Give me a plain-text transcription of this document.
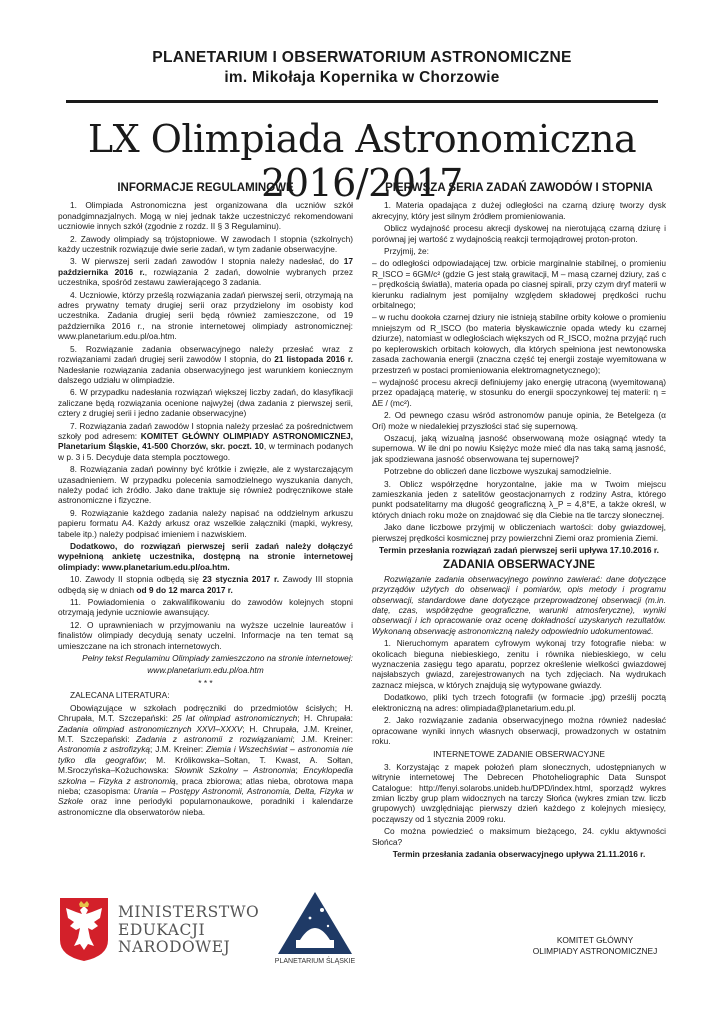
PLANETARIUM I OBSERWATORIUM ASTRONOMICZNE
im. Mikołaja Kopernika w Chorzowie
LX Olimpiada Astronomiczna 2016/2017
INFORMACJE REGULAMINOWE

1. Olimpiada Astronomiczna jest organizowana dla uczniów szkół ponadgimnazjalnych. Mogą w niej jednak także uczestniczyć rekomendowani uczniowie innych szkół (zgodnie z rozdz. II § 3 Regulaminu).

2. Zawody olimpiady są trójstopniowe. W zawodach I stopnia (szkolnych) każdy uczestnik rozwiązuje dwie serie zadań, w tym zadanie obserwacyjne.

3. W pierwszej serii zadań zawodów I stopnia należy nadesłać, do 17 października 2016 r., rozwiązania 2 zadań, dowolnie wybranych przez uczestnika, spośród zestawu zawierającego 3 zadania.

4. Uczniowie, którzy prześlą rozwiązania zadań pierwszej serii, otrzymają na adres prywatny tematy drugiej serii oraz przydzielony im osobisty kod uczestnika. Zadania drugiej serii będą również zamieszczone, od 19 października 2016 r., na stronie internetowej olimpiady astronomicznej: www.planetarium.edu.pl/oa.htm.

5. Rozwiązanie zadania obserwacyjnego należy przesłać wraz z rozwiązaniami zadań drugiej serii zawodów I stopnia, do 21 listopada 2016 r. Nadesłanie rozwiązania zadania obserwacyjnego jest warunkiem koniecznym dalszego udziału w olimpiadzie.

6. W przypadku nadesłania rozwiązań większej liczby zadań, do klasyfikacji zaliczane będą rozwiązania ocenione najwyżej (dwa zadania z pierwszej serii, cztery z drugiej serii i jedno zadanie obserwacyjne)

7. Rozwiązania zadań zawodów I stopnia należy przesłać za pośrednictwem szkoły pod adresem: KOMITET GŁÓWNY OLIMPIADY ASTRONOMICZNEJ, Planetarium Śląskie, 41-500 Chorzów, skr. poczt. 10, w terminach podanych w p. 3 i 5. Decyduje data stempla pocztowego.

8. Rozwiązania zadań powinny być krótkie i zwięzłe, ale z wystarczającym uzasadnieniem. W przypadku polecenia samodzielnego wyszukania danych, należy podać ich źródło. Jako dane traktuje się również podręcznikowe stałe astronomiczne i fizyczne.

9. Rozwiązanie każdego zadania należy napisać na oddzielnym arkuszu papieru formatu A4. Każdy arkusz oraz wszelkie załączniki (mapki, wykresy, tabele itp.) należy podpisać imieniem i nazwiskiem.

Dodatkowo, do rozwiązań pierwszej serii zadań należy dołączyć wypełnioną ankietę uczestnika, dostępną na stronie internetowej olimpiady: www.planetarium.edu.pl/oa.htm.

10. Zawody II stopnia odbędą się 23 stycznia 2017 r. Zawody III stopnia odbędą się w dniach od 9 do 12 marca 2017 r.

11. Powiadomienia o zakwalifikowaniu do zawodów kolejnych stopni otrzymają jedynie uczniowie awansujący.

12. O uprawnieniach w przyjmowaniu na wyższe uczelnie laureatów i finalistów olimpiady decydują senaty uczelni. Informacje na ten temat są umieszczane na ich stronach internetowych.

Pełny tekst Regulaminu Olimpiady zamieszczono na stronie internetowej:

www.planetarium.edu.pl/oa.htm

* * *

ZALECANA LITERATURA:

Obowiązujące w szkołach podręczniki do przedmiotów ścisłych; H. Chrupała, M.T. Szczepański: 25 lat olimpiad astronomicznych; H. Chrupała: Zadania olimpiad astronomicznych XXVI–XXXV; H. Chrupała, J.M. Kreiner, M.T. Szczepański: Zadania z astronomii z rozwiązaniami; J.M. Kreiner: Astronomia z astrofizyką; J.M. Kreiner: Ziemia i Wszechświat – astronomia nie tylko dla geografów; M. Królikowska–Sołtan, T. Kwast, A. Sołtan, M.Sroczyńska–Kożuchowska: Słownik Szkolny – Astronomia; Encyklopedia szkolna – Fizyka z astronomią, praca zbiorowa; atlas nieba, obrotowa mapa nieba; czasopisma: Urania – Postępy Astronomii, Astronomia, Delta, Fizyka w Szkole oraz inne periodyki popularnonaukowe, poradniki i kalendarze astronomiczne dla obserwatorów nieba.

PIERWSZA SERIA ZADAŃ ZAWODÓW I STOPNIA

1. Materia opadająca z dużej odległości na czarną dziurę tworzy dysk akrecyjny, który jest silnym źródłem promieniowania.

Oblicz wydajność procesu akrecji dyskowej na nierotującą czarną dziurę i porównaj jej wartość z wydajnością reakcji termojądrowej proton-proton.

Przyjmij, że:

– do odległości odpowiadającej tzw. orbicie marginalnie stabilnej, o promieniu R_ISCO = 6GM/c² (gdzie G jest stałą grawitacji, M – masą czarnej dziury, zaś c – prędkością światła), materia opada po ciasnej spirali, przy czym dryf materii w kierunku radialnym jest pomijalny względem składowej prędkości ruchu orbitalnego;

– w ruchu dookoła czarnej dziury nie istnieją stabilne orbity kołowe o promieniu mniejszym od R_ISCO (bo materia błyskawicznie opada wtedy ku czarnej dziurze), natomiast w odległościach większych od R_ISCO, można przyjąć ruch po keplerowskich orbitach kołowych, dla których spełniona jest newtonowska zasada zachowania energii (znaczna część tej energii zostaje wyemitowana w przestrzeń w postaci promieniowania elektromagnetycznego);

– wydajność procesu akrecji definiujemy jako energię utraconą (wyemitowaną) przez opadającą materię, w stosunku do energii spoczynkowej tej materii: η = ΔE / (mc²).

2. Od pewnego czasu wśród astronomów panuje opinia, że Betelgeza (α Ori) może w niedalekiej przyszłości stać się supernową.

Oszacuj, jaką wizualną jasność obserwowaną może osiągnąć wtedy ta supernowa. W ile dni po nowiu Księżyc może mieć dla nas taką samą jasność, jak spodziewana jasność obserwowana tej supernowej?

Potrzebne do obliczeń dane liczbowe wyszukaj samodzielnie.

3. Oblicz współrzędne horyzontalne, jakie ma w Twoim miejscu zamieszkania jeden z satelitów geostacjonarnych z rodziny Astra, którego punkt podsatelitarny ma długość geograficzną λ_P = 4,8°E, a także określ, w których dniach roku może on znajdować się dla Ciebie na tle tarczy słonecznej.

Jako dane liczbowe przyjmij w obliczeniach wartości: doby gwiazdowej, pierwszej prędkości kosmicznej przy powierzchni Ziemi oraz promienia Ziemi.

Termin przesłania rozwiązań zadań pierwszej serii upływa 17.10.2016 r.

ZADANIA OBSERWACYJNE

Rozwiązanie zadania obserwacyjnego powinno zawierać: dane dotyczące przyrządów użytych do obserwacji i pomiarów, opis metody i programu obserwacji, standardowe dane dotyczące przeprowadzonej obserwacji (m.in. datę, czas, współrzędne geograficzne, warunki atmosferyczne), wyniki obserwacji i ich opracowanie oraz ocenę dokładności uzyskanych rezultatów. Wykonaną obserwację astronomiczną należy odpowiednio udokumentować.

1. Nieruchomym aparatem cyfrowym wykonaj trzy fotografie nieba: w okolicach bieguna niebieskiego, zenitu i równika niebieskiego, w celu wyznaczenia zasięgu tego aparatu, poprzez określenie wielkości gwiazdowej najsłabszych gwiazd, zarejestrowanych na tych zdjęciach. Na wydrukach zaznacz miejsca, w których znajdują się wytypowane gwiazdy.

Dodatkowo, pliki tych trzech fotografii (w formacie .jpg) prześlij pocztą elektroniczną na adres: olimpiada@planetarium.edu.pl.

2. Jako rozwiązanie zadania obserwacyjnego można również nadesłać opracowane wyniki innych własnych obserwacji, prowadzonych w ostatnim roku.

INTERNETOWE ZADANIE OBSERWACYJNE

3. Korzystając z mapek położeń plam słonecznych, udostępnianych w witrynie internetowej The Debrecen Photoheliographic Data Sunspot Catalogue: http://fenyi.solarobs.unideb.hu/DPD/index.html, sporządź wykres zmian liczby grup plam widocznych na tarczy Słońca (wykres zmian tzw. liczb grupowych) uwzględniając pierwszy dzień każdego z kolejnych miesięcy, począwszy od 1 stycznia 2009 roku.

Co można powiedzieć o maksimum bieżącego, 24. cyklu aktywności Słońca?

Termin przesłania zadania obserwacyjnego upływa 21.11.2016 r.

MINISTERSTWO
EDUKACJI
NARODOWEJ
PLANETARIUM ŚLĄSKIE
KOMITET GŁÓWNY
OLIMPIADY ASTRONOMICZNEJ
